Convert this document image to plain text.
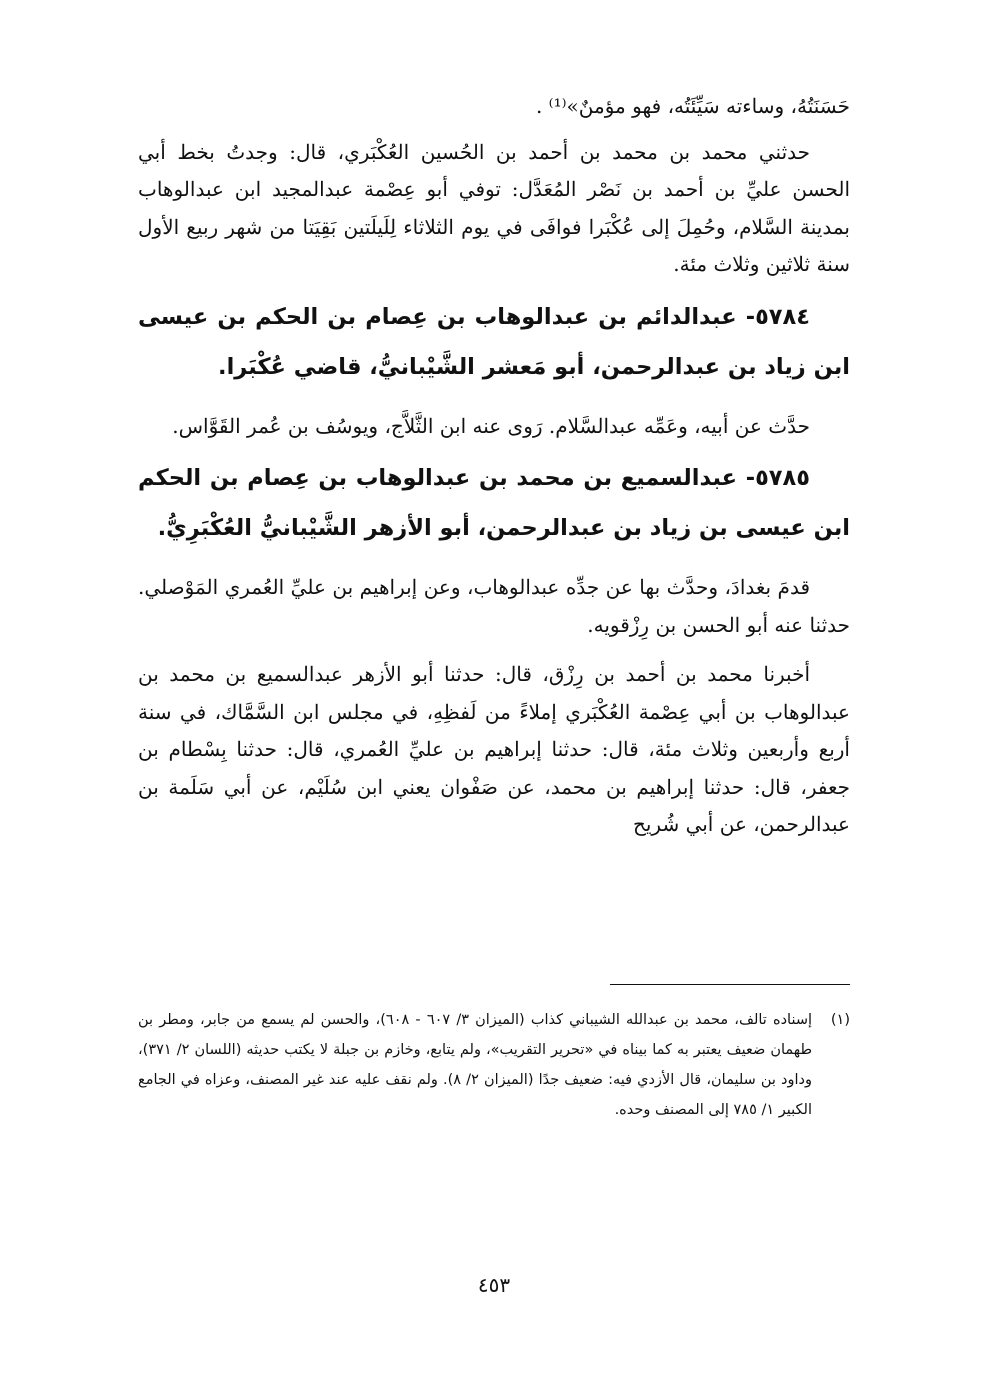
حَسَنَتُهُ، وساءته سَيِّئَتُه، فهو مؤمنٌ»⁽¹⁾ .

حدثني محمد بن محمد بن أحمد بن الحُسين العُكْبَري، قال: وجدتُ بخط أبي الحسن عليِّ بن أحمد بن نَصْر المُعَدَّل: توفي أبو عِصْمة عبدالمجيد ابن عبدالوهاب بمدينة السَّلام، وحُمِلَ إلى عُكْبَرا فوافَى في يوم الثلاثاء لِلَيلَتين بَقِيَتا من شهر ربيع الأول سنة ثلاثين وثلاث مئة.

٥٧٨٤- عبدالدائم بن عبدالوهاب بن عِصام بن الحكم بن عيسى ابن زياد بن عبدالرحمن، أبو مَعشر الشَّيْبانيُّ، قاضي عُكْبَرا.

حدَّث عن أبيه، وعَمِّه عبدالسَّلام. رَوى عنه ابن الثَّلاَّج، ويوسُف بن عُمر القَوَّاس.

٥٧٨٥- عبدالسميع بن محمد بن عبدالوهاب بن عِصام بن الحكم ابن عيسى بن زياد بن عبدالرحمن، أبو الأزهر الشَّيْبانيُّ العُكْبَرِيُّ.

قدمَ بغدادَ، وحدَّث بها عن جدِّه عبدالوهاب، وعن إبراهيم بن عليِّ العُمري المَوْصلي. حدثنا عنه أبو الحسن بن رِزْقويه.

أخبرنا محمد بن أحمد بن رِزْق، قال: حدثنا أبو الأزهر عبدالسميع بن محمد بن عبدالوهاب بن أبي عِصْمة العُكْبَري إملاءً من لَفظِهِ، في مجلس ابن السَّمَّاك، في سنة أربع وأربعين وثلاث مئة، قال: حدثنا إبراهيم بن عليِّ العُمري، قال: حدثنا بِسْطام بن جعفر، قال: حدثنا إبراهيم بن محمد، عن صَفْوان يعني ابن سُلَيْم، عن أبي سَلَمة بن عبدالرحمن، عن أبي شُريح

(١)
إسناده تالف، محمد بن عبدالله الشيباني كذاب (الميزان ٣/ ٦٠٧ - ٦٠٨)، والحسن لم يسمع من جابر، ومطر بن طهمان ضعيف يعتبر به كما بيناه في «تحرير التقريب»، ولم يتابع، وخازم بن جبلة لا يكتب حديثه (اللسان ٢/ ٣٧١)، وداود بن سليمان، قال الأزدي فيه: ضعيف جدًا (الميزان ٢/ ٨). ولم نقف عليه عند غير المصنف، وعزاه في الجامع الكبير ١/ ٧٨٥ إلى المصنف وحده.
٤٥٣
